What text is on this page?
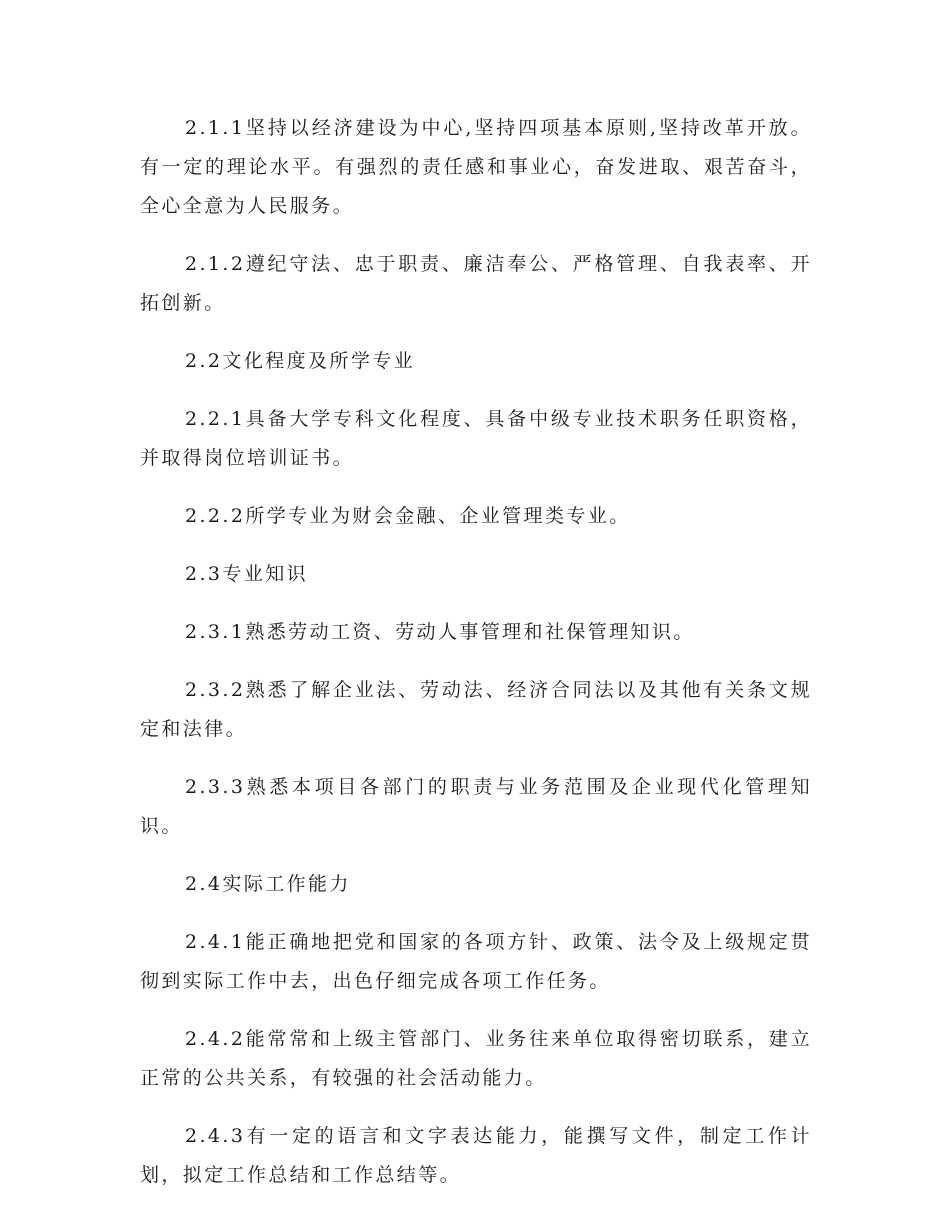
2.1.1坚持以经济建设为中心,坚持四项基本原则,坚持改革开放。有一定的理论水平。有强烈的责任感和事业心，奋发进取、艰苦奋斗，全心全意为人民服务。

2.1.2遵纪守法、忠于职责、廉洁奉公、严格管理、自我表率、开拓创新。

2.2文化程度及所学专业

2.2.1具备大学专科文化程度、具备中级专业技术职务任职资格，并取得岗位培训证书。

2.2.2所学专业为财会金融、企业管理类专业。

2.3专业知识

2.3.1熟悉劳动工资、劳动人事管理和社保管理知识。

2.3.2熟悉了解企业法、劳动法、经济合同法以及其他有关条文规定和法律。

2.3.3熟悉本项目各部门的职责与业务范围及企业现代化管理知识。

2.4实际工作能力

2.4.1能正确地把党和国家的各项方针、政策、法令及上级规定贯彻到实际工作中去，出色仔细完成各项工作任务。

2.4.2能常常和上级主管部门、业务往来单位取得密切联系，建立正常的公共关系，有较强的社会活动能力。

2.4.3有一定的语言和文字表达能力，能撰写文件，制定工作计划，拟定工作总结和工作总结等。
